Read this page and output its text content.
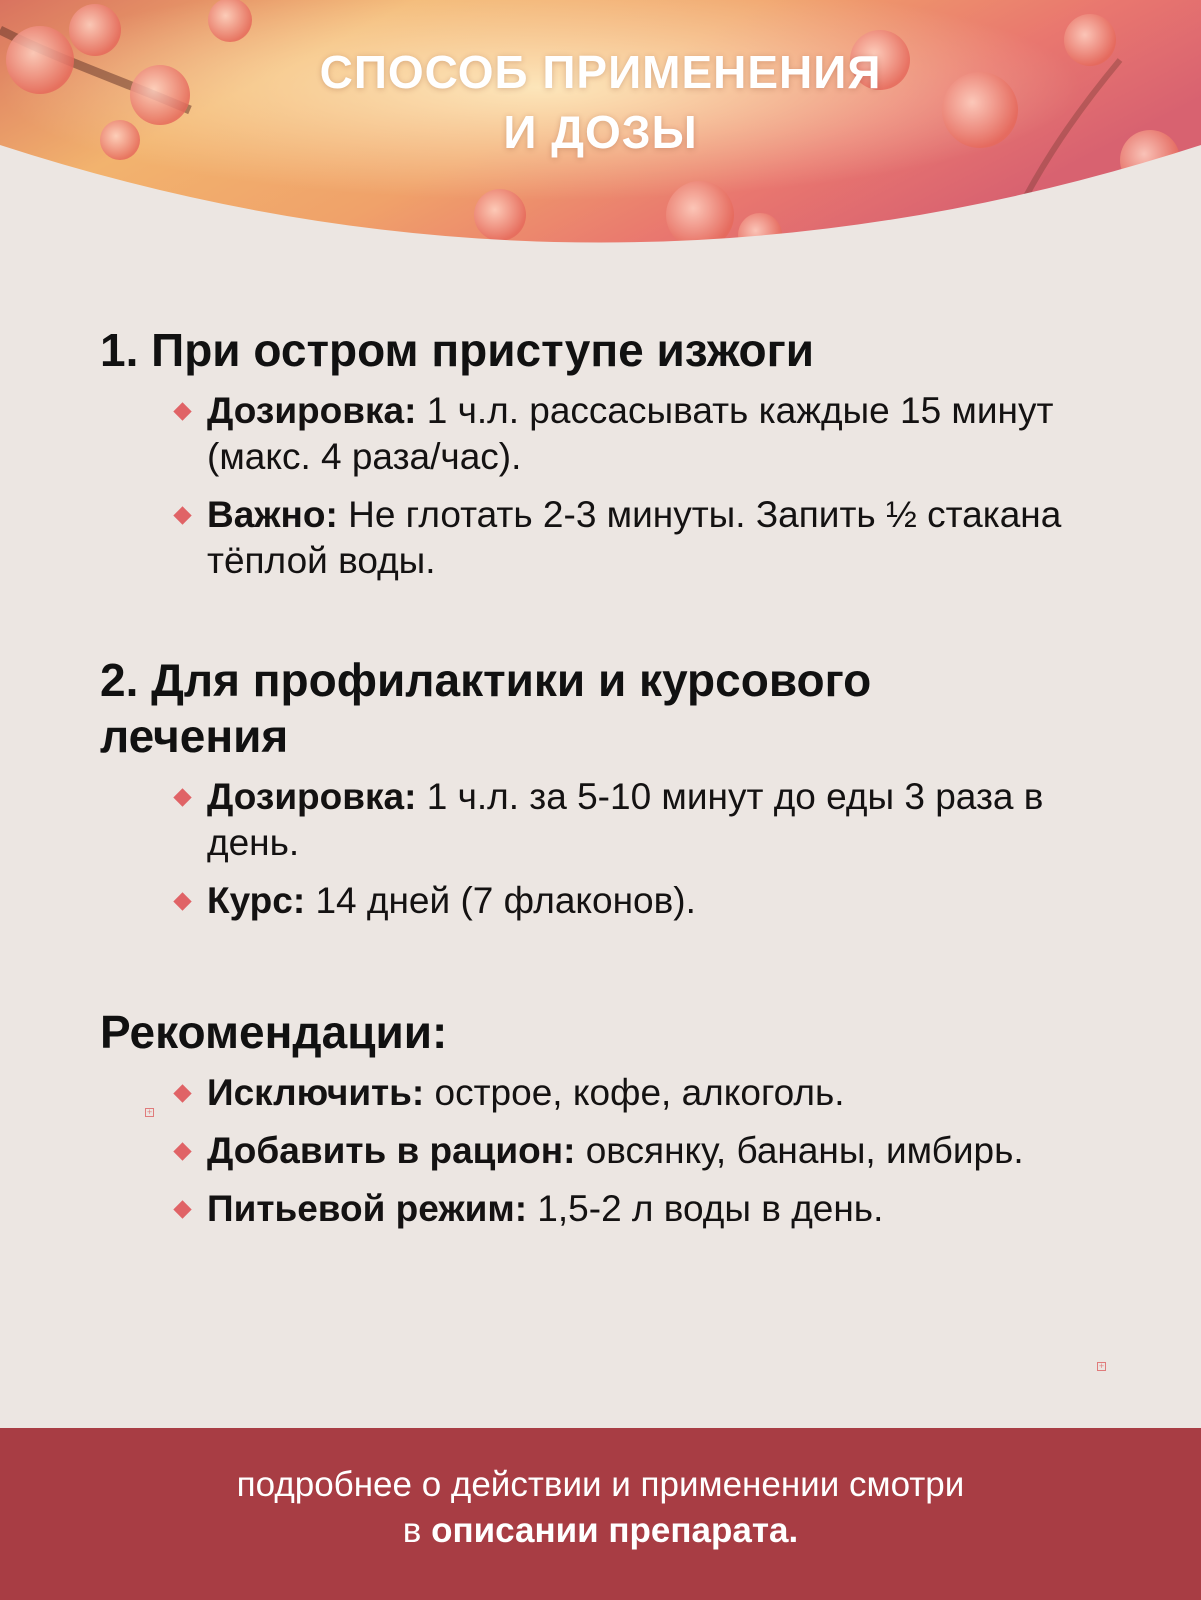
СПОСОБ ПРИМЕНЕНИЯ
И ДОЗЫ
1. При остром приступе изжоги
Дозировка: 1 ч.л. рассасывать каждые 15 минут (макс. 4 раза/час).
Важно: Не глотать 2-3 минуты. Запить ½ стакана тёплой воды.
2. Для профилактики и курсового лечения
Дозировка: 1 ч.л. за 5-10 минут до еды 3 раза в день.
Курс: 14 дней (7 флаконов).
Рекомендации:
Исключить: острое, кофе, алкоголь.
Добавить в рацион: овсянку, бананы, имбирь.
Питьевой режим: 1,5-2 л воды в день.
+
+

подробнее о действии и применении смотри
в описании препарата.
